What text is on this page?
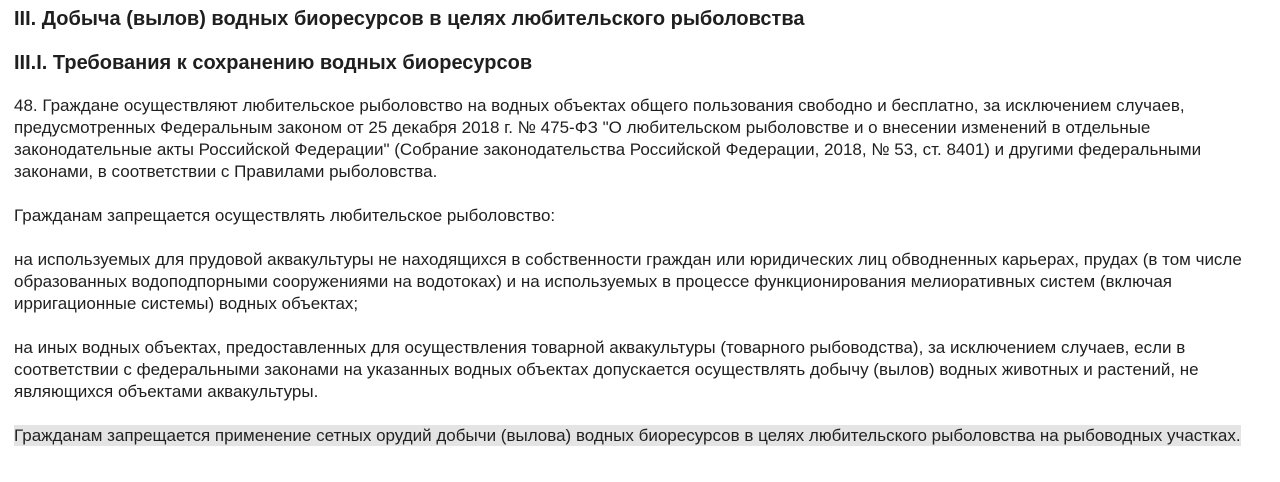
III. Добыча (вылов) водных биоресурсов в целях любительского рыболовства
III.I. Требования к сохранению водных биоресурсов

48. Граждане осуществляют любительское рыболовство на водных объектах общего пользования свободно и бесплатно, за исключением случаев, предусмотренных Федеральным законом от 25 декабря 2018 г. № 475-ФЗ "О любительском рыболовстве и о внесении изменений в отдельные законодательные акты Российской Федерации" (Собрание законодательства Российской Федерации, 2018, № 53, ст. 8401) и другими федеральными законами, в соответствии с Правилами рыболовства.

Гражданам запрещается осуществлять любительское рыболовство:

на используемых для прудовой аквакультуры не находящихся в собственности граждан или юридических лиц обводненных карьерах, прудах (в том числе образованных водоподпорными сооружениями на водотоках) и на используемых в процессе функционирования мелиоративных систем (включая ирригационные системы) водных объектах;

на иных водных объектах, предоставленных для осуществления товарной аквакультуры (товарного рыбоводства), за исключением случаев, если в соответствии с федеральными законами на указанных водных объектах допускается осуществлять добычу (вылов) водных животных и растений, не являющихся объектами аквакультуры.

Гражданам запрещается применение сетных орудий добычи (вылова) водных биоресурсов в целях любительского рыболовства на рыбоводных участках.
